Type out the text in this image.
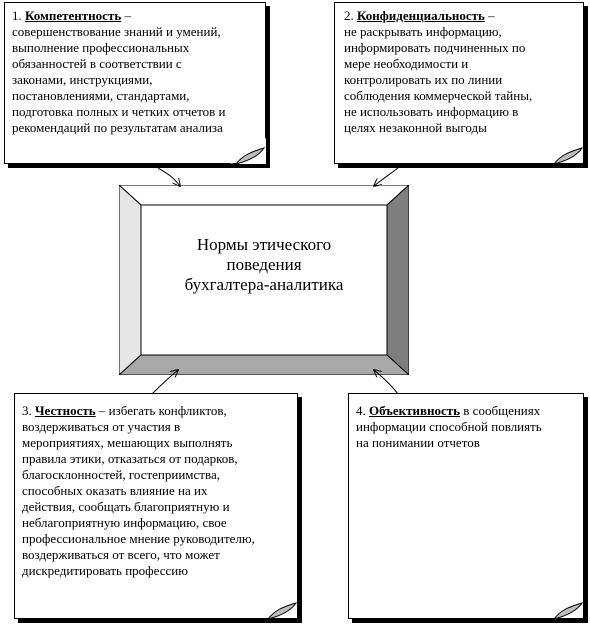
1. Компетентность –
совершенствование знаний и умений,
выполнение профессиональных
обязанностей в соответствии с
законами, инструкциями,
постановлениями, стандартами,
подготовка полных и четких отчетов и
рекомендаций по результатам анализа
2. Конфиденциальность –
не раскрывать информацию,
информировать подчиненных по
мере необходимости и
контролировать их по линии
соблюдения коммерческой тайны,
не использовать информацию в
целях незаконной выгоды
Нормы этического
поведения
бухгалтера-аналитика
3. Честность – избегать конфликтов,
воздерживаться от участия в
мероприятиях, мешающих выполнять
правила этики, отказаться от подарков,
благосклонностей, гостеприимства,
способных оказать влияние на их
действия, сообщать благоприятную и
неблагоприятную информацию, свое
профессиональное мнение руководителю,
воздерживаться от всего, что может
дискредитировать профессию
4. Объективность в сообщениях
информации способной повлиять
на понимании отчетов
